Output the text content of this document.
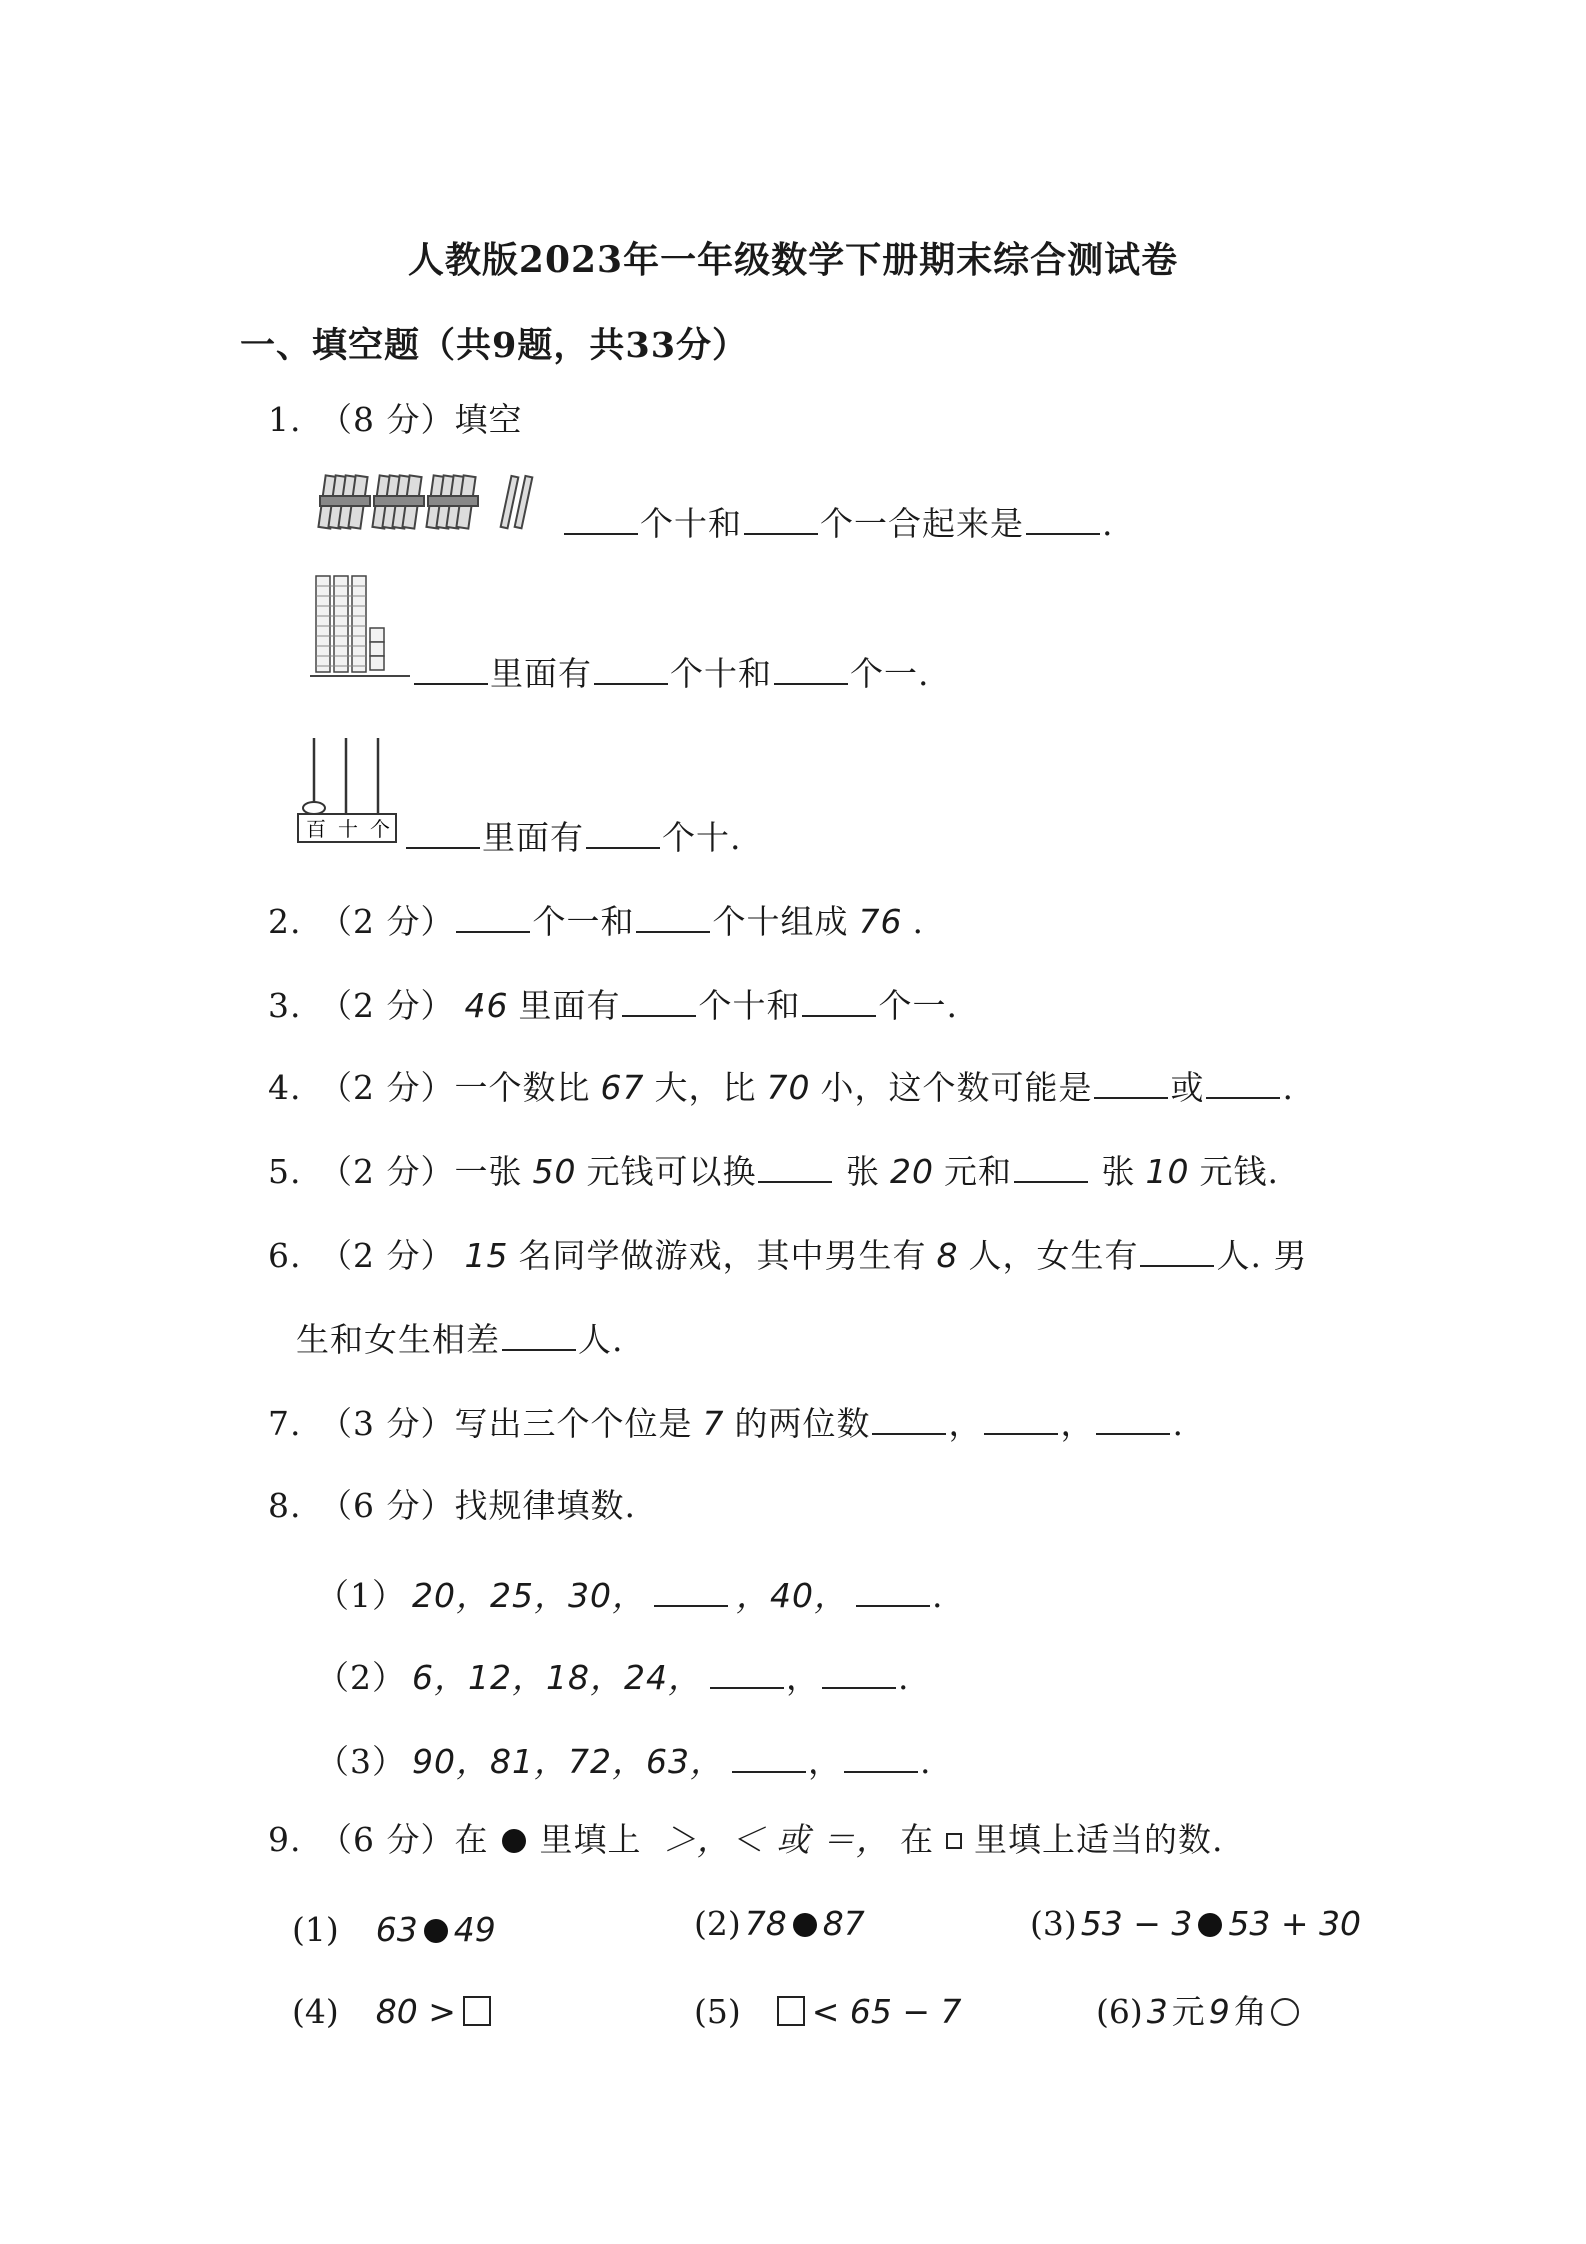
人教版2023年一年级数学下册期末综合测试卷
一、填空题（共9题，共33分）
1.　（8 分）填空
个十和 个一合起来是 .
里面有 个十和 个一.
百 十 个	里面有 个十.
2.　（2 分） 个一和 个十组成 76 .
3.　（2 分） 46 里面有 个十和 个一.
4.　（2 分）一个数比 67 大，比 70 小，这个数可能是 或 .
5.　（2 分）一张 50 元钱可以换	张 20 元和	张 10 元钱.
6.　（2 分） 15 名同学做游戏，其中男生有 8 人，女生有 人. 男
生和女生相差 人.
7.　（3 分）写出三个个位是 7 的两位数 ， ， .
8.　（6 分）找规律填数.
（1） 20，25，30，	，40，	.
（2） 6，12，18，24，	， .
（3） 90，81，72，63，	， .
9.　（6 分）在 里填上 ＞，＜ 或 ＝， 在 里填上适当的数.
(1)　 63 49	(2) 78 87	(3) 53 − 3 53 + 30
(4)　 80 >	(5)　 < 65 − 7	(6) 3 元 9 角
